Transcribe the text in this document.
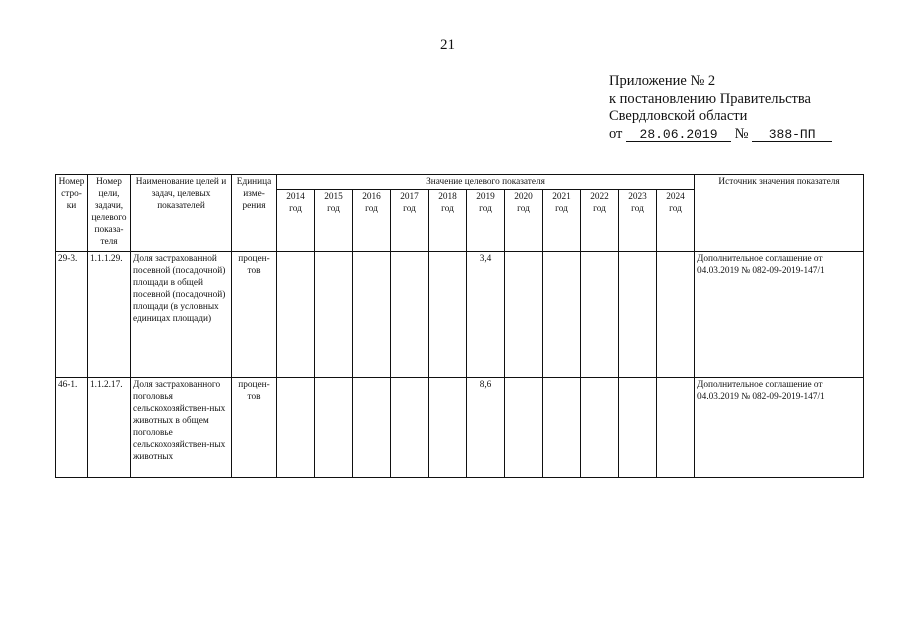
21
Приложение № 2
к постановлению Правительства
Свердловской области
от 28.06.2019 № 388-ПП
Номер стро-ки	Номер цели, задачи, целевого показа-теля	Наименование целей и задач, целевых показателей	Единица изме-рения	Значение целевого показателя											Источник значения показателя
				2014 год	2015 год	2016 год	2017 год	2018 год	2019 год	2020 год	2021 год	2022 год	2023 год	2024 год	
29-3.	1.1.1.29.	Доля застрахованной посевной (посадочной) площади в общей посевной (посадочной) площади (в условных единицах площади)	процен-тов						3,4						Дополнительное соглашение от 04.03.2019 № 082-09-2019-147/1
46-1.	1.1.2.17.	Доля застрахованного поголовья сельскохозяйствен-ных животных в общем поголовье сельскохозяйствен-ных животных	процен-тов						8,6						Дополнительное соглашение от 04.03.2019 № 082-09-2019-147/1
